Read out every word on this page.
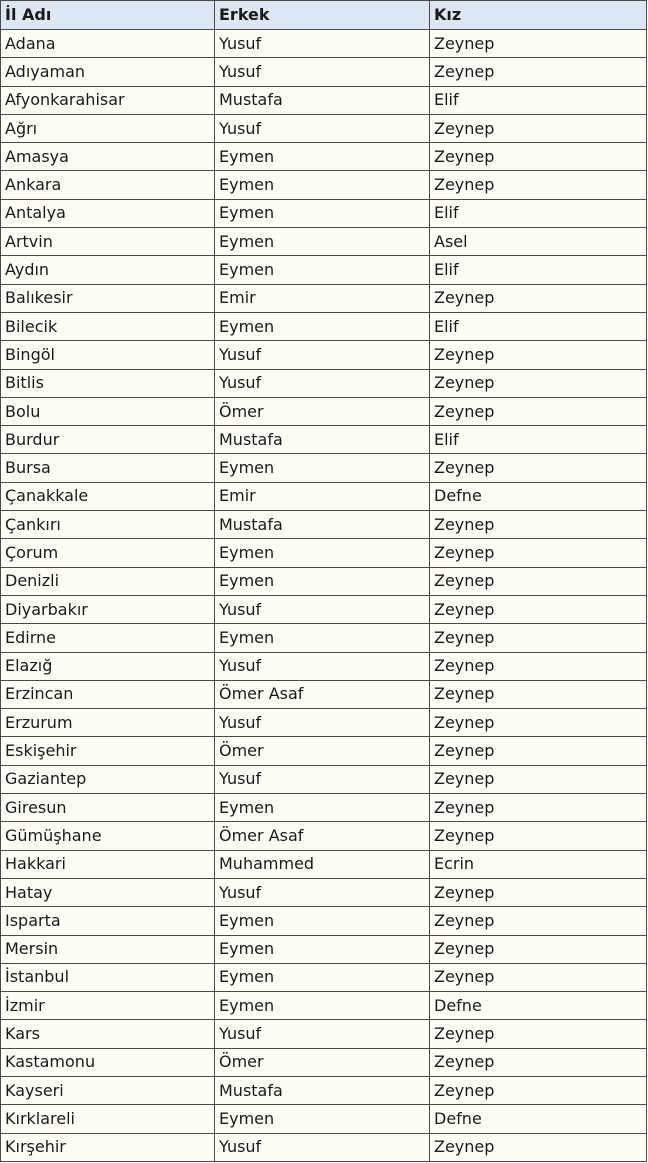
İl Adı	Erkek	Kız
Adana	Yusuf	Zeynep
Adıyaman	Yusuf	Zeynep
Afyonkarahisar	Mustafa	Elif
Ağrı	Yusuf	Zeynep
Amasya	Eymen	Zeynep
Ankara	Eymen	Zeynep
Antalya	Eymen	Elif
Artvin	Eymen	Asel
Aydın	Eymen	Elif
Balıkesir	Emir	Zeynep
Bilecik	Eymen	Elif
Bingöl	Yusuf	Zeynep
Bitlis	Yusuf	Zeynep
Bolu	Ömer	Zeynep
Burdur	Mustafa	Elif
Bursa	Eymen	Zeynep
Çanakkale	Emir	Defne
Çankırı	Mustafa	Zeynep
Çorum	Eymen	Zeynep
Denizli	Eymen	Zeynep
Diyarbakır	Yusuf	Zeynep
Edirne	Eymen	Zeynep
Elazığ	Yusuf	Zeynep
Erzincan	Ömer Asaf	Zeynep
Erzurum	Yusuf	Zeynep
Eskişehir	Ömer	Zeynep
Gaziantep	Yusuf	Zeynep
Giresun	Eymen	Zeynep
Gümüşhane	Ömer Asaf	Zeynep
Hakkari	Muhammed	Ecrin
Hatay	Yusuf	Zeynep
Isparta	Eymen	Zeynep
Mersin	Eymen	Zeynep
İstanbul	Eymen	Zeynep
İzmir	Eymen	Defne
Kars	Yusuf	Zeynep
Kastamonu	Ömer	Zeynep
Kayseri	Mustafa	Zeynep
Kırklareli	Eymen	Defne
Kırşehir	Yusuf	Zeynep
